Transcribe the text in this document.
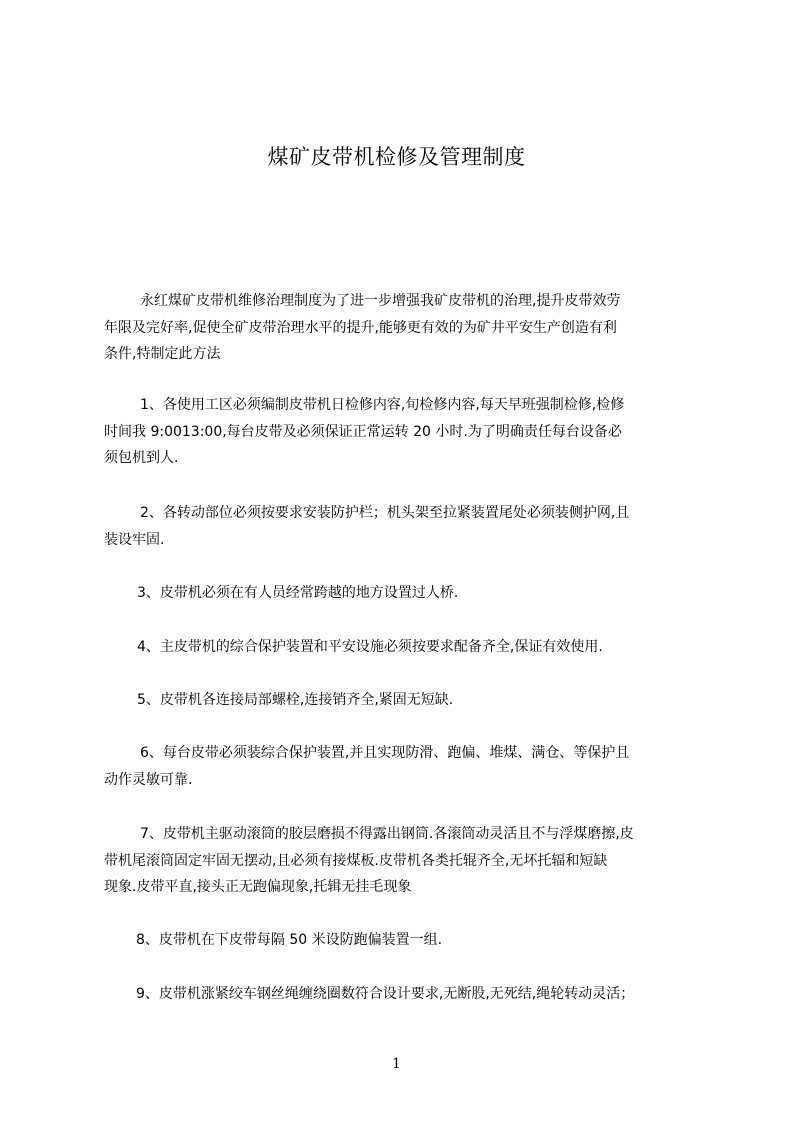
煤矿皮带机检修及管理制度
永红煤矿皮带机维修治理制度为了进一步增强我矿皮带机的治理,提升皮带效劳
年限及完好率,促使全矿皮带治理水平的提升,能够更有效的为矿井平安生产创造有利
条件,特制定此方法
1、各使用工区必须编制皮带机日检修内容,旬检修内容,每天早班强制检修,检修
时间我 9:0013:00,每台皮带及必须保证正常运转 20 小时.为了明确责任每台设备必
须包机到人.
2、各转动部位必须按要求安装防护栏；机头架至拉紧装置尾处必须装侧护网,且
装设牢固.
3、皮带机必须在有人员经常跨越的地方设置过人桥.
4、主皮带机的综合保护装置和平安设施必须按要求配备齐全,保证有效使用.
5、皮带机各连接局部螺栓,连接销齐全,紧固无短缺.
6、每台皮带必须装综合保护装置,并且实现防滑、跑偏、堆煤、满仓、等保护且
动作灵敏可靠.
7、皮带机主驱动滚筒的胶层磨损不得露出钢筒.各滚筒动灵活且不与浮煤磨擦,皮
带机尾滚筒固定牢固无摆动,且必须有接煤板.皮带机各类托辊齐全,无坏托辐和短缺
现象.皮带平直,接头正无跑偏现象,托辑无挂毛现象
8、皮带机在下皮带每隔 50 米设防跑偏装置一组.
9、皮带机涨紧绞车钢丝绳缠绕圈数符合设计要求,无断股,无死结,绳轮转动灵活；
1
